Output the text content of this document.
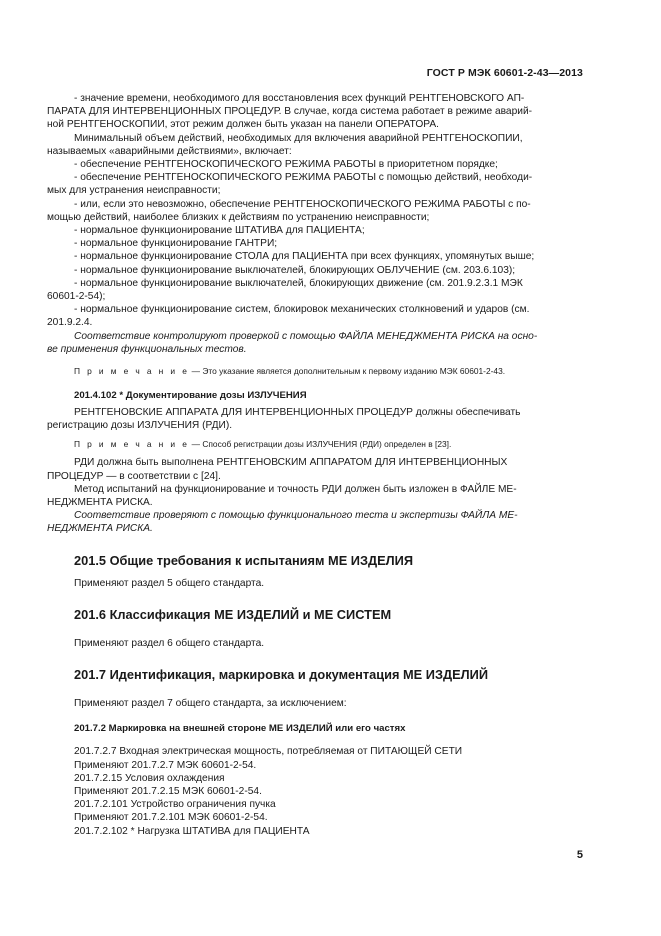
ГОСТ Р МЭК 60601-2-43—2013

- значение времени, необходимого для восстановления всех функций РЕНТГЕНОВСКОГО АП-

ПАРАТА ДЛЯ ИНТЕРВЕНЦИОННЫХ ПРОЦЕДУР. В случае, когда система работает в режиме аварий-

ной РЕНТГЕНОСКОПИИ, этот режим должен быть указан на панели ОПЕРАТОРА.

Минимальный объем действий, необходимых для включения аварийной РЕНТГЕНОСКОПИИ,

называемых «аварийными действиями», включает:

- обеспечение РЕНТГЕНОСКОПИЧЕСКОГО РЕЖИМА РАБОТЫ в приоритетном порядке;

- обеспечение РЕНТГЕНОСКОПИЧЕСКОГО РЕЖИМА РАБОТЫ с помощью действий, необходи-

мых для устранения неисправности;

- или, если это невозможно, обеспечение РЕНТГЕНОСКОПИЧЕСКОГО РЕЖИМА РАБОТЫ с по-

мощью действий, наиболее близких к действиям по устранению неисправности;

- нормальное функционирование ШТАТИВА для ПАЦИЕНТА;

- нормальное функционирование ГАНТРИ;

- нормальное функционирование СТОЛА для ПАЦИЕНТА при всех функциях, упомянутых выше;

- нормальное функционирование выключателей, блокирующих ОБЛУЧЕНИЕ (см. 203.6.103);

- нормальное функционирование выключателей, блокирующих движение (см. 201.9.2.3.1 МЭК

60601-2-54);

- нормальное функционирование систем, блокировок механических столкновений и ударов (см.

201.9.2.4.

Соответствие контролируют проверкой с помощью ФАЙЛА МЕНЕДЖМЕНТА РИСКА на осно-

ве применения функциональных тестов.

П р и м е ч а н и е — Это указание является дополнительным к первому изданию МЭК 60601-2-43.

201.4.102 * Документирование дозы ИЗЛУЧЕНИЯ

РЕНТГЕНОВСКИЕ АППАРАТА ДЛЯ ИНТЕРВЕНЦИОННЫХ ПРОЦЕДУР должны обеспечивать

регистрацию дозы ИЗЛУЧЕНИЯ (РДИ).

П р и м е ч а н и е — Способ регистрации дозы ИЗЛУЧЕНИЯ (РДИ) определен в [23].

РДИ должна быть выполнена РЕНТГЕНОВСКИМ АППАРАТОМ ДЛЯ ИНТЕРВЕНЦИОННЫХ

ПРОЦЕДУР — в соответствии с [24].

Метод испытаний на функционирование и точность РДИ должен быть изложен в ФАЙЛЕ МЕ-

НЕДЖМЕНТА РИСКА.

Соответствие проверяют с помощью функционального теста и экспертизы ФАЙЛА МЕ-

НЕДЖМЕНТА РИСКА.

201.5 Общие требования к испытаниям МЕ ИЗДЕЛИЯ

Применяют раздел 5 общего стандарта.

201.6 Классификация МЕ ИЗДЕЛИЙ и МЕ СИСТЕМ

Применяют раздел 6 общего стандарта.

201.7 Идентификация, маркировка и документация МЕ ИЗДЕЛИЙ

Применяют раздел 7 общего стандарта, за исключением:

201.7.2 Маркировка на внешней стороне МЕ ИЗДЕЛИЙ или его частях

201.7.2.7 Входная электрическая мощность, потребляемая от ПИТАЮЩЕЙ СЕТИ

Применяют 201.7.2.7 МЭК 60601-2-54.

201.7.2.15 Условия охлаждения

Применяют 201.7.2.15 МЭК 60601-2-54.

201.7.2.101 Устройство ограничения пучка

Применяют 201.7.2.101 МЭК 60601-2-54.

201.7.2.102 * Нагрузка ШТАТИВА для ПАЦИЕНТА

5
